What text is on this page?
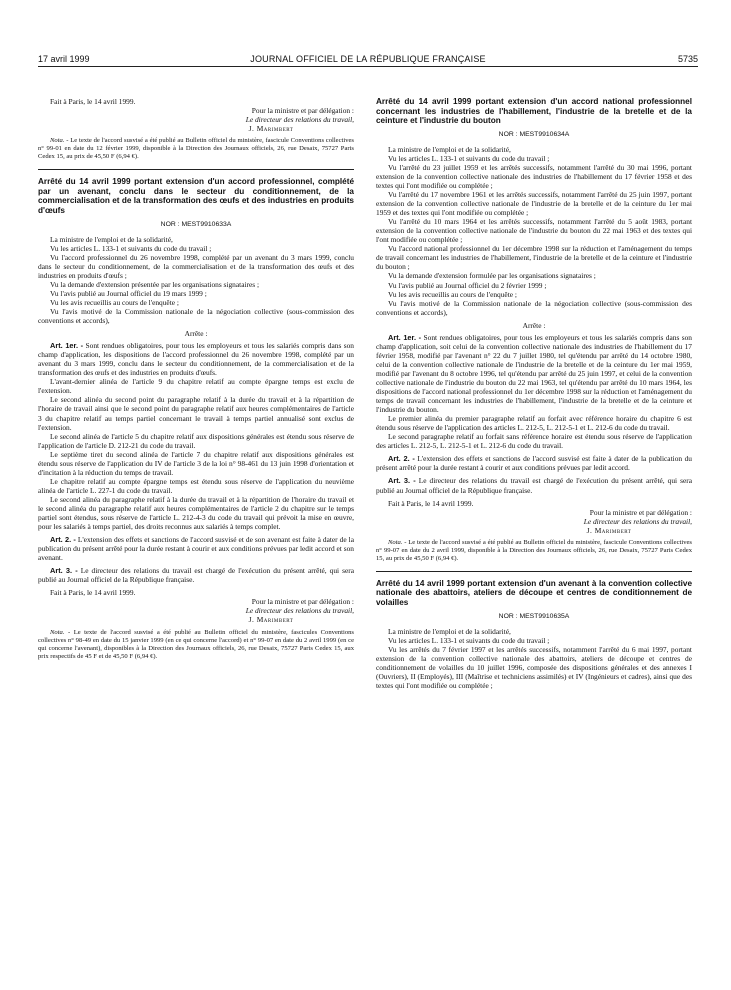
17 avril 1999	JOURNAL OFFICIEL DE LA RÉPUBLIQUE FRANÇAISE	5735

Fait à Paris, le 14 avril 1999.

Pour la ministre et par délégation :
Le directeur des relations du travail,
J. Marimbert

Nota. - Le texte de l'accord susvisé a été publié au Bulletin officiel du ministère, fascicule Conventions collectives n° 99-01 en date du 12 février 1999, disponible à la Direction des Journaux officiels, 26, rue Desaix, 75727 Paris Cedex 15, au prix de 45,50 F (6,94 €).

Arrêté du 14 avril 1999 portant extension d'un accord professionnel, complété par un avenant, conclu dans le secteur du conditionnement, de la commercialisation et de la transformation des œufs et des industries en produits d'œufs
NOR : MEST9910633A

La ministre de l'emploi et de la solidarité,

Vu les articles L. 133-1 et suivants du code du travail ;

Vu l'accord professionnel du 26 novembre 1998, complété par un avenant du 3 mars 1999, conclu dans le secteur du conditionnement, de la commercialisation et de la transformation des œufs et des industries en produits d'œufs ;

Vu la demande d'extension présentée par les organisations signataires ;

Vu l'avis publié au Journal officiel du 19 mars 1999 ;

Vu les avis recueillis au cours de l'enquête ;

Vu l'avis motivé de la Commission nationale de la négociation collective (sous-commission des conventions et accords),

Arrête :

Art. 1er. - Sont rendues obligatoires, pour tous les employeurs et tous les salariés compris dans son champ d'application, les dispositions de l'accord professionnel du 26 novembre 1998, complété par un avenant du 3 mars 1999, conclu dans le secteur du conditionnement, de la commercialisation et de la transformation des œufs et des industries en produits d'œufs.

L'avant-dernier alinéa de l'article 9 du chapitre relatif au compte épargne temps est exclu de l'extension.

Le second alinéa du second point du paragraphe relatif à la durée du travail et à la répartition de l'horaire de travail ainsi que le second point du paragraphe relatif aux heures complémentaires de l'article 3 du chapitre relatif au temps partiel concernant le travail à temps partiel annualisé sont exclus de l'extension.

Le second alinéa de l'article 5 du chapitre relatif aux dispositions générales est étendu sous réserve de l'application de l'article D. 212-21 du code du travail.

Le septième tiret du second alinéa de l'article 7 du chapitre relatif aux dispositions générales est étendu sous réserve de l'application du IV de l'article 3 de la loi n° 98-461 du 13 juin 1998 d'orientation et d'incitation à la réduction du temps de travail.

Le chapitre relatif au compte épargne temps est étendu sous réserve de l'application du neuvième alinéa de l'article L. 227-1 du code du travail.

Le second alinéa du paragraphe relatif à la durée du travail et à la répartition de l'horaire du travail et le second alinéa du paragraphe relatif aux heures complémentaires de l'article 2 du chapitre sur le temps partiel sont étendus, sous réserve de l'article L. 212-4-3 du code du travail qui prévoit la mise en œuvre, pour les salariés à temps partiel, des droits reconnus aux salariés à temps complet.

Art. 2. - L'extension des effets et sanctions de l'accord susvisé et de son avenant est faite à dater de la publication du présent arrêté pour la durée restant à courir et aux conditions prévues par ledit accord et son avenant.

Art. 3. - Le directeur des relations du travail est chargé de l'exécution du présent arrêté, qui sera publié au Journal officiel de la République française.

Fait à Paris, le 14 avril 1999.

Pour la ministre et par délégation :
Le directeur des relations du travail,
J. Marimbert

Nota. - Le texte de l'accord susvisé a été publié au Bulletin officiel du ministère, fascicules Conventions collectives n° 98-49 en date du 15 janvier 1999 (en ce qui concerne l'accord) et n° 99-07 en date du 2 avril 1999 (en ce qui concerne l'avenant), disponibles à la Direction des Journaux officiels, 26, rue Desaix, 75727 Paris Cedex 15, aux prix respectifs de 45 F et de 45,50 F (6,94 €).

Arrêté du 14 avril 1999 portant extension d'un accord national professionnel concernant les industries de l'habillement, l'industrie de la bretelle et de la ceinture et l'industrie du bouton
NOR : MEST9910634A

La ministre de l'emploi et de la solidarité,

Vu les articles L. 133-1 et suivants du code du travail ;

Vu l'arrêté du 23 juillet 1959 et les arrêtés successifs, notamment l'arrêté du 30 mai 1996, portant extension de la convention collective nationale des industries de l'habillement du 17 février 1958 et des textes qui l'ont modifiée ou complétée ;

Vu l'arrêté du 17 novembre 1961 et les arrêtés successifs, notamment l'arrêté du 25 juin 1997, portant extension de la convention collective nationale de l'industrie de la bretelle et de la ceinture du 1er mai 1959 et des textes qui l'ont modifiée ou complétée ;

Vu l'arrêté du 10 mars 1964 et les arrêtés successifs, notamment l'arrêté du 5 août 1983, portant extension de la convention collective nationale de l'industrie du bouton du 22 mai 1963 et des textes qui l'ont modifiée ou complétée ;

Vu l'accord national professionnel du 1er décembre 1998 sur la réduction et l'aménagement du temps de travail concernant les industries de l'habillement, l'industrie de la bretelle et de la ceinture et l'industrie du bouton ;

Vu la demande d'extension formulée par les organisations signataires ;

Vu l'avis publié au Journal officiel du 2 février 1999 ;

Vu les avis recueillis au cours de l'enquête ;

Vu l'avis motivé de la Commission nationale de la négociation collective (sous-commission des conventions et accords),

Arrête :

Art. 1er. - Sont rendues obligatoires, pour tous les employeurs et tous les salariés compris dans son champ d'application, soit celui de la convention collective nationale des industries de l'habillement du 17 février 1958, modifié par l'avenant n° 22 du 7 juillet 1980, tel qu'étendu par arrêté du 14 octobre 1980, celui de la convention collective nationale de l'industrie de la bretelle et de la ceinture du 1er mai 1959, modifié par l'avenant du 8 octobre 1996, tel qu'étendu par arrêté du 25 juin 1997, et celui de la convention collective nationale de l'industrie du bouton du 22 mai 1963, tel qu'étendu par arrêté du 10 mars 1964, les dispositions de l'accord national professionnel du 1er décembre 1998 sur la réduction et l'aménagement du temps de travail concernant les industries de l'habillement, l'industrie de la bretelle et de la ceinture et l'industrie du bouton.

Le premier alinéa du premier paragraphe relatif au forfait avec référence horaire du chapitre 6 est étendu sous réserve de l'application des articles L. 212-5, L. 212-5-1 et L. 212-6 du code du travail.

Le second paragraphe relatif au forfait sans référence horaire est étendu sous réserve de l'application des articles L. 212-5, L. 212-5-1 et L. 212-6 du code du travail.

Art. 2. - L'extension des effets et sanctions de l'accord susvisé est faite à dater de la publication du présent arrêté pour la durée restant à courir et aux conditions prévues par ledit accord.

Art. 3. - Le directeur des relations du travail est chargé de l'exécution du présent arrêté, qui sera publié au Journal officiel de la République française.

Fait à Paris, le 14 avril 1999.

Pour la ministre et par délégation :
Le directeur des relations du travail,
J. Marimbert

Nota. - Le texte de l'accord susvisé a été publié au Bulletin officiel du ministère, fascicule Conventions collectives n° 99-07 en date du 2 avril 1999, disponible à la Direction des Journaux officiels, 26, rue Desaix, 75727 Paris Cedex 15, au prix de 45,50 F (6,94 €).

Arrêté du 14 avril 1999 portant extension d'un avenant à la convention collective nationale des abattoirs, ateliers de découpe et centres de conditionnement de volailles
NOR : MEST9910635A

La ministre de l'emploi et de la solidarité,

Vu les articles L. 133-1 et suivants du code du travail ;

Vu les arrêtés du 7 février 1997 et les arrêtés successifs, notamment l'arrêté du 6 mai 1997, portant extension de la convention collective nationale des abattoirs, ateliers de découpe et centres de conditionnement de volailles du 10 juillet 1996, composée des dispositions générales et des annexes I (Ouvriers), II (Employés), III (Maîtrise et techniciens assimilés) et IV (Ingénieurs et cadres), ainsi que des textes qui l'ont modifiée ou complétée ;
